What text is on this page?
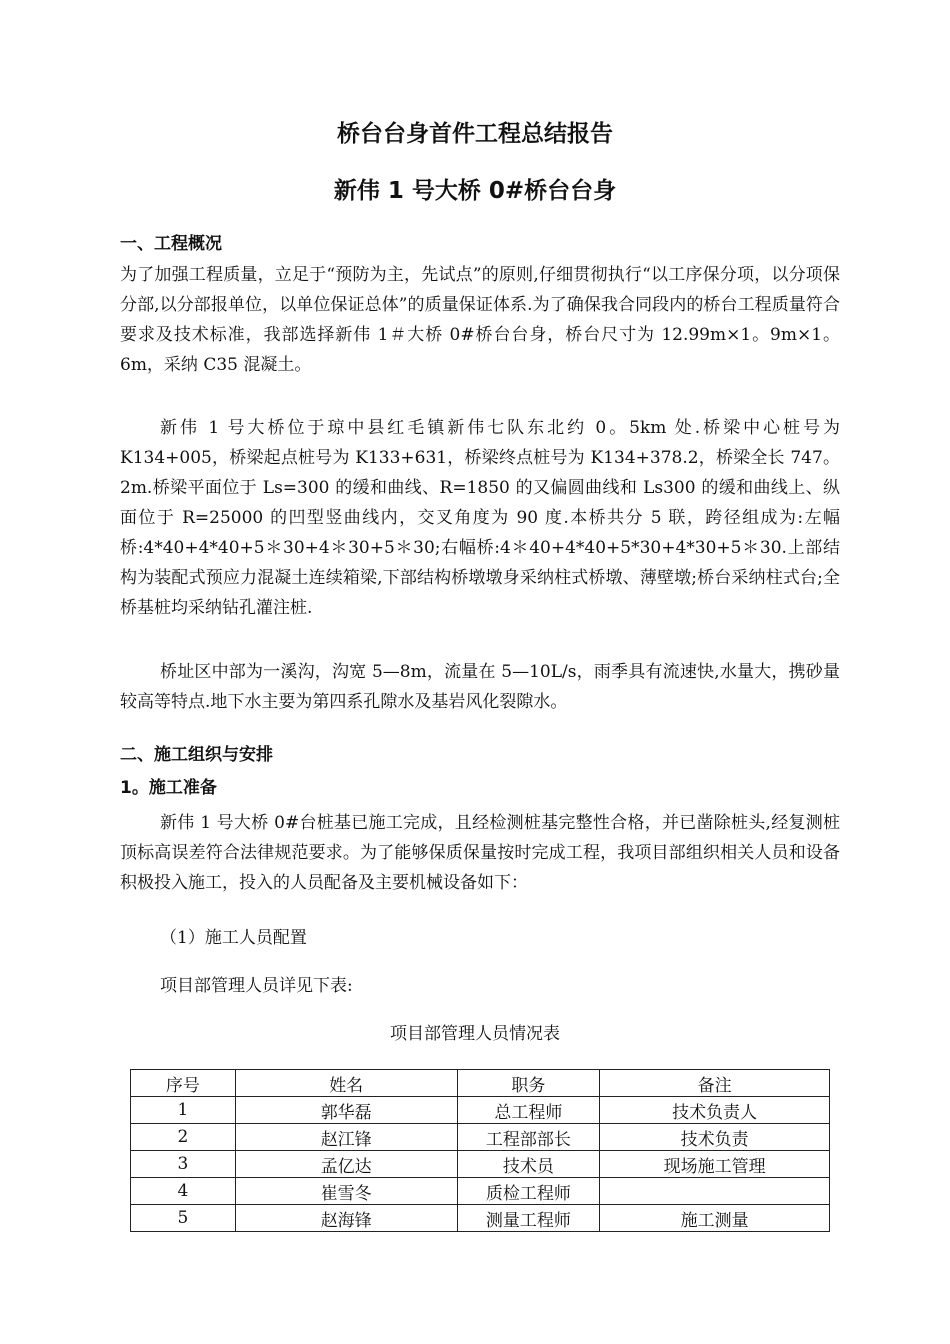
桥台台身首件工程总结报告
新伟 1 号大桥 0#桥台台身
一、工程概况

为了加强工程质量，立足于“预防为主，先试点”的原则,仔细贯彻执行“以工序保分项，以分项保分部,以分部报单位，以单位保证总体”的质量保证体系.为了确保我合同段内的桥台工程质量符合要求及技术标准，我部选择新伟 1＃大桥 0#桥台台身，桥台尺寸为 12.99m×1。9m×1。6m，采纳 C35 混凝土。

新伟 1 号大桥位于琼中县红毛镇新伟七队东北约 0。5km 处.桥梁中心桩号为 K134+005，桥梁起点桩号为 K133+631，桥梁终点桩号为 K134+378.2，桥梁全长 747。2m.桥梁平面位于 Ls=300 的缓和曲线、R=1850 的又偏圆曲线和 Ls300 的缓和曲线上、纵面位于 R=25000 的凹型竖曲线内，交叉角度为 90 度.本桥共分 5 联，跨径组成为:左幅桥:4*40+4*40+5＊30+4＊30+5＊30;右幅桥:4＊40+4*40+5*30+4*30+5＊30.上部结构为装配式预应力混凝土连续箱梁,下部结构桥墩墩身采纳柱式桥墩、薄壁墩;桥台采纳柱式台;全桥基桩均采纳钻孔灌注桩.

桥址区中部为一溪沟，沟宽 5—8m，流量在 5—10L/s，雨季具有流速快,水量大，携砂量较高等特点.地下水主要为第四系孔隙水及基岩风化裂隙水。

二、施工组织与安排
1。施工准备

新伟 1 号大桥 0#台桩基已施工完成，且经检测桩基完整性合格，并已凿除桩头,经复测桩顶标高误差符合法律规范要求。为了能够保质保量按时完成工程，我项目部组织相关人员和设备积极投入施工，投入的人员配备及主要机械设备如下：

（1）施工人员配置

项目部管理人员详见下表:

项目部管理人员情况表

序号	姓名	职务	备注
1	郭华磊	总工程师	技术负责人
2	赵江锋	工程部部长	技术负责
3	孟亿达	技术员	现场施工管理
4	崔雪冬	质检工程师	
5	赵海锋	测量工程师	施工测量
